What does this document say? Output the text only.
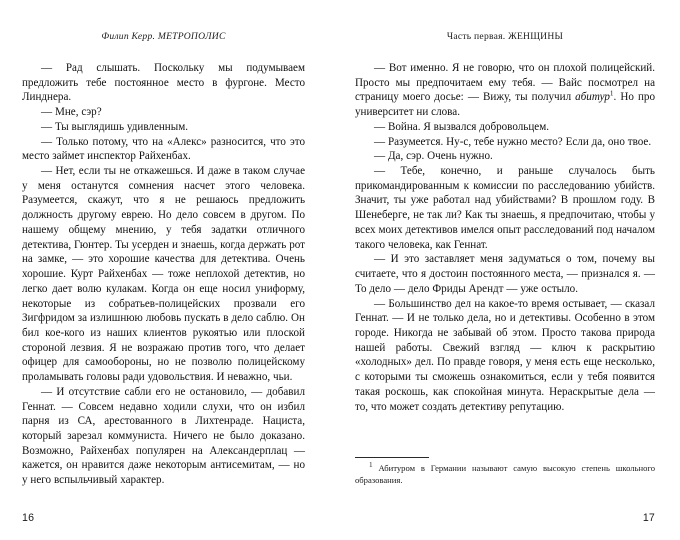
Филип Керр. МЕТРОПОЛИС

— Рад слышать. Поскольку мы подумываем предложить тебе постоянное место в фургоне. Место Линднера.

— Мне, сэр?

— Ты выглядишь удивленным.

— Только потому, что на «Алекс» разносится, что это место займет инспектор Райхенбах.

— Нет, если ты не откажешься. И даже в таком случае у меня останутся сомнения насчет этого человека. Разумеется, скажут, что я не решаюсь предложить должность другому еврею. Но дело совсем в другом. По нашему общему мнению, у тебя задатки отличного детектива, Гюнтер. Ты усерден и знаешь, когда держать рот на замке, — это хорошие качества для детектива. Очень хорошие. Курт Райхенбах — тоже неплохой детектив, но легко дает волю кулакам. Когда он еще носил униформу, некоторые из собратьев-полицейских прозвали его Зигфридом за излишнюю любовь пускать в дело саблю. Он бил кое-кого из наших клиентов рукоятью или плоской стороной лезвия. Я не возражаю против того, что делает офицер для самообороны, но не позволю полицейскому проламывать головы ради удовольствия. И неважно, чьи.

— И отсутствие сабли его не остановило, — добавил Геннат. — Совсем недавно ходили слухи, что он избил парня из СА, арестованного в Лихтенраде. Нациста, который зарезал коммуниста. Ничего не было доказано. Возможно, Райхенбах популярен на Александерплац — кажется, он нравится даже некоторым антисемитам, — но у него вспыльчивый характер.

16
Часть первая. ЖЕНЩИНЫ

— Вот именно. Я не говорю, что он плохой полицейский. Просто мы предпочитаем ему тебя. — Вайс посмотрел на страницу моего досье: — Вижу, ты получил абитур$^1$. Но про университет ни слова.

— Война. Я вызвался добровольцем.

— Разумеется. Ну-с, тебе нужно место? Если да, оно твое.

— Да, сэр. Очень нужно.

— Тебе, конечно, и раньше случалось быть прикомандированным к комиссии по расследованию убийств. Значит, ты уже работал над убийствами? В прошлом году. В Шенеберге, не так ли? Как ты знаешь, я предпочитаю, чтобы у всех моих детективов имелся опыт расследований под началом такого человека, как Геннат.

— И это заставляет меня задуматься о том, почему вы считаете, что я достоин постоянного места, — признался я. — То дело — дело Фриды Арендт — уже остыло.

— Большинство дел на какое-то время остывает, — сказал Геннат. — И не только дела, но и детективы. Особенно в этом городе. Никогда не забывай об этом. Просто такова природа нашей работы. Свежий взгляд — ключ к раскрытию «холодных» дел. По правде говоря, у меня есть еще несколько, с которыми ты сможешь ознакомиться, если у тебя появится такая роскошь, как спокойная минута. Нераскрытые дела — то, что может создать детективу репутацию.

$^1$ Абитуром в Германии называют самую высокую степень школьного образования.

17
